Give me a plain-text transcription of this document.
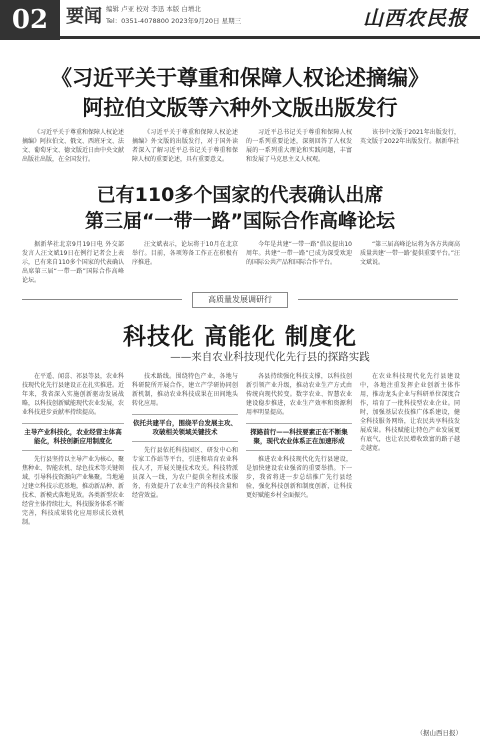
02 要闻 编辑 卢亚 校对 李迅 本版 白增北
Tel：0351-4078800 2023年9月20日 星期三	山西农民报
《习近平关于尊重和保障人权论述摘编》
阿拉伯文版等六种外文版出版发行
《习近平关于尊重和保障人权论述摘编》阿拉伯文、俄文、西班牙文、法文、葡萄牙文、德文版近日由中央文献出版社出版，在全国发行。
《习近平关于尊重和保障人权论述摘编》外文版的出版发行，对于国外读者深入了解习近平总书记关于尊重和保障人权的重要论述，具有重要意义。
习近平总书记关于尊重和保障人权的一系列重要论述，深刻回答了人权发展的一系列重大理论和实践问题，丰富和发展了马克思主义人权观。
该书中文版于2021年出版发行，英文版于2022年出版发行。据新华社
已有110多个国家的代表确认出席
第三届“一带一路”国际合作高峰论坛
据新华社北京9月19日电 外交部发言人汪文斌19日在例行记者会上表示，已有来自110多个国家的代表确认出席第三届“一带一路”国际合作高峰论坛。
汪文斌表示，论坛将于10月在北京举行。目前，各项筹备工作正在积极有序推进。
今年是共建“一带一路”倡议提出10周年。共建“一带一路”已成为深受欢迎的国际公共产品和国际合作平台。
“第三届高峰论坛将为各方共商高质量共建‘一带一路’提供重要平台。”汪文斌说。
高质量发展调研行
科技化 高能化 制度化
——来自农业科技现代化先行县的探路实践
在平遥、闻喜、祁县等县，农业科技现代化先行县建设正在扎实推进。近年来，我省深入实施创新驱动发展战略，以科技创新赋能现代农业发展，农业科技进步贡献率持续提高。
主导产业科技化，农业经营主体高能化，科技创新应用制度化
先行县坚持以主导产业为核心，聚焦种业、智能农机、绿色技术等关键领域，引导科技资源向产业集聚。当地通过建立科技示范基地，推动新品种、新技术、新模式落地见效。各类新型农业经营主体持续壮大，科技服务体系不断完善，科技成果转化应用形成长效机制。
技术路线。围绕特色产业，各地与科研院所开展合作，建立产学研协同创新机制，推动农业科技成果在田间地头转化应用。
依托共建平台，围绕平台发展主攻、攻破相关领域关键技术
先行县依托科技园区、研发中心和专家工作站等平台，引进和培育农业科技人才，开展关键技术攻关。科技特派员深入一线，为农户提供全程技术服务，有效提升了农业生产的科技含量和经营效益。
各县持续强化科技支撑，以科技创新引领产业升级，推动农业生产方式由传统向现代转变。数字农业、智慧农业建设稳步推进，农业生产效率和资源利用率明显提高。
探路前行——科技要素正在不断集聚，现代农业体系正在加速形成
推进农业科技现代化先行县建设，是加快建设农业强省的重要举措。下一步，我省将进一步总结推广先行县经验，强化科技创新和制度创新，让科技更好赋能乡村全面振兴。
在农业科技现代化先行县建设中，各地注重发挥企业创新主体作用，推动龙头企业与科研单位深度合作，培育了一批科技型农业企业。同时，加强基层农技推广体系建设，健全科技服务网络，让农民共享科技发展成果。科技赋能让特色产业发展更有底气，也让农民增收致富的路子越走越宽。
（据山西日报）
